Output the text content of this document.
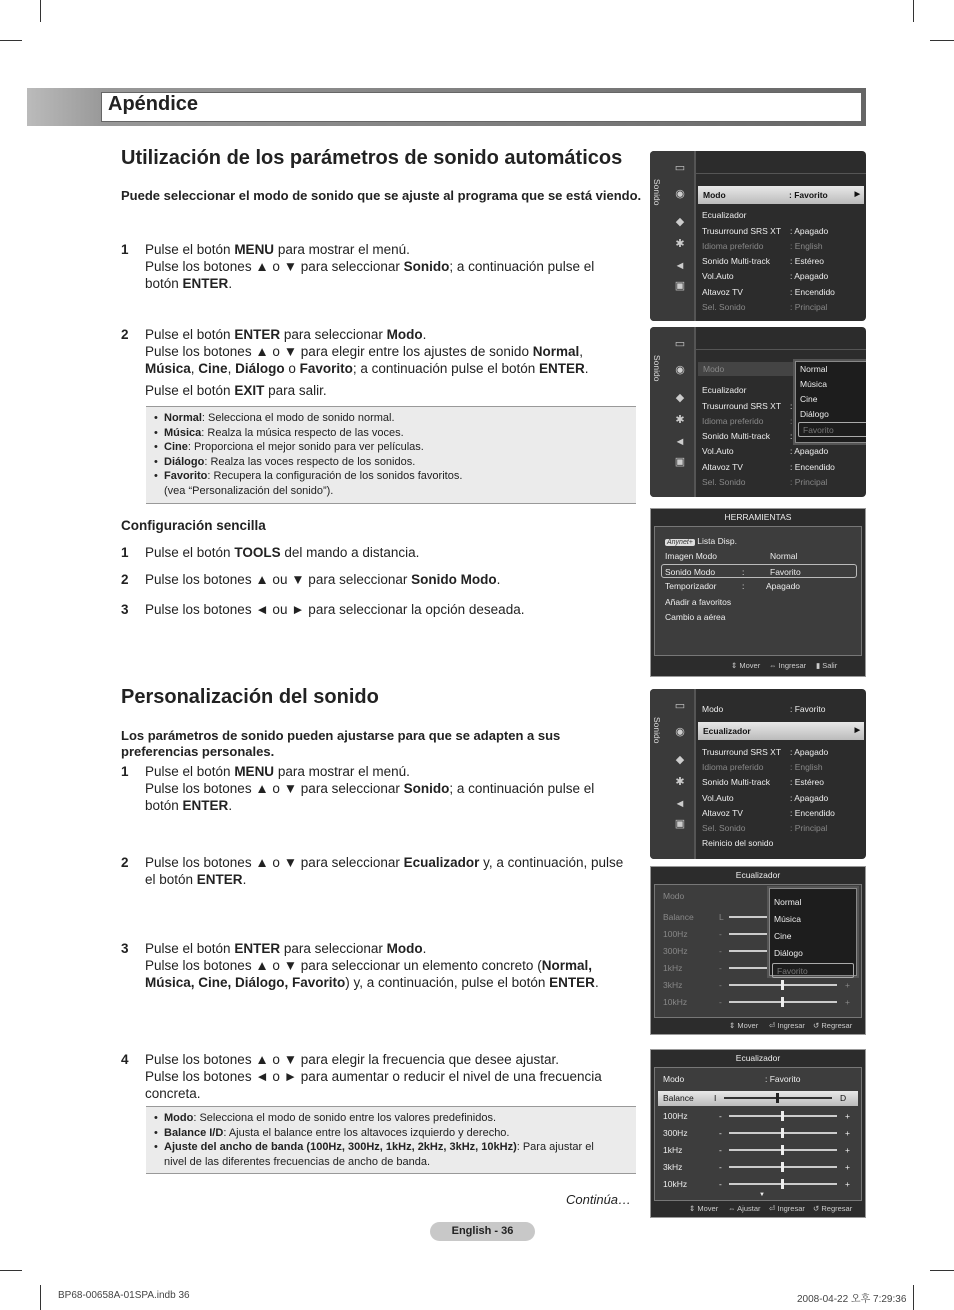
Apéndice
Utilización de los parámetros de sonido automáticos
Puede seleccionar el modo de sonido que se ajuste al programa que se está viendo.
1 Pulse el botón MENU para mostrar el menú.
Pulse los botones ▲ o ▼ para seleccionar Sonido; a continuación pulse el
botón ENTER.
2 Pulse el botón ENTER para seleccionar Modo.
Pulse los botones ▲ o ▼ para elegir entre los ajustes de sonido Normal,
Música, Cine, Diálogo o Favorito; a continuación pulse el botón ENTER.
Pulse el botón EXIT para salir.
• Normal: Selecciona el modo de sonido normal.
• Música: Realza la música respecto de las voces.
• Cine: Proporciona el mejor sonido para ver películas.
• Diálogo: Realza las voces respecto de los sonidos.
• Favorito: Recupera la configuración de los sonidos favoritos.
(vea “Personalización del sonido”).
Configuración sencilla
1 Pulse el botón TOOLS del mando a distancia.
2 Pulse los botones ▲ ou ▼ para seleccionar Sonido Modo.
3 Pulse los botones ◄ ou ► para seleccionar la opción deseada.
Personalización del sonido
Los parámetros de sonido pueden ajustarse para que se adapten a sus
preferencias personales.
1 Pulse el botón MENU para mostrar el menú.
Pulse los botones ▲ o ▼ para seleccionar Sonido; a continuación pulse el
botón ENTER.
2 Pulse los botones ▲ o ▼ para seleccionar Ecualizador y, a continuación, pulse
el botón ENTER.
3 Pulse el botón ENTER para seleccionar Modo.
Pulse los botones ▲ o ▼ para seleccionar un elemento concreto (Normal,
Música, Cine, Diálogo, Favorito) y, a continuación, pulse el botón ENTER.
4 Pulse los botones ▲ o ▼ para elegir la frecuencia que desee ajustar.
Pulse los botones ◄ o ► para aumentar o reducir el nivel de una frecuencia
concreta.
• Modo: Selecciona el modo de sonido entre los valores predefinidos.
• Balance I/D: Ajusta el balance entre los altavoces izquierdo y derecho.
• Ajuste del ancho de banda (100Hz, 300Hz, 1kHz, 2kHz, 3kHz, 10kHz): Para ajustar el
nivel de las diferentes frecuencias de ancho de banda.
Continúa…
English - 36
BP68-00658A-01SPA.indb 36	2008-04-22 오후 7:29:36
Sonido
▭
◉
◆
✱
◄
▣
Modo	: Favorito	▶
Ecualizador
Trusurround SRS XT : Apagado
Idioma preferido	: English
Sonido Multi-track : Estéreo
Vol.Auto	: Apagado
Altavoz TV	: Encendido
Sel. Sonido	: Principal
Sonido
▭
◉
◆
✱
◄
▣
Modo
Ecualizador
Trusurround SRS XT :
Idioma preferido	:
Sonido Multi-track :
Vol.Auto	: Apagado
Altavoz TV	: Encendido
Sel. Sonido	: Principal
Normal
Música
Cine
Diálogo
Favorito
HERRAMIENTAS
Anynet+ Lista Disp.
Imagen Modo	Normal
Sonido Modo	:	Favorito
Temporizador	:	Apagado
Añadir a favoritos
Cambio a aérea
⇕ Mover ⇔ Ingresar ▮ Salir
Sonido
▭
◉
◆
✱
◄
▣
Modo	: Favorito
Ecualizador	▶
Trusurround SRS XT : Apagado
Idioma preferido	: English
Sonido Multi-track : Estéreo
Vol.Auto	: Apagado
Altavoz TV	: Encendido
Sel. Sonido	: Principal
Reinicio del sonido
Ecualizador
Modo
Balance	L
100Hz	-
300Hz	-
1kHz	-
3kHz	-	+
10kHz	-	+
Normal
Música
Cine
Diálogo
Favorito
⇕ Mover ⏎ Ingresar ↺ Regresar
Ecualizador
Modo	: Favorito
Balance I	D
100Hz	-	+
300Hz	-	+
1kHz	-	+
3kHz	-	+
10kHz	-	+
▼
⇕ Mover ⇔ Ajustar ⏎ Ingresar ↺ Regresar
